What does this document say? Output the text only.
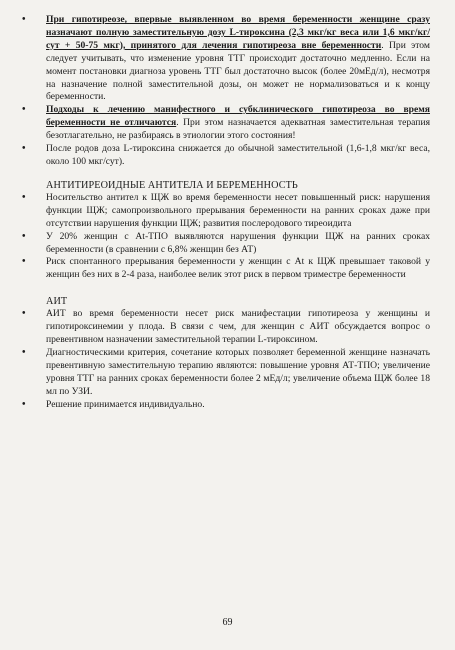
• При гипотиреозе, впервые выявленном во время беременности женщине сразу назначают полную заместительную дозу L-тироксина (2,3 мкг/кг веса или 1,6 мкг/кг/сут + 50-75 мкг), принятого для лечения гипотиреоза вне беременности. При этом следует учитывать, что изменение уровня ТТГ происходит достаточно медленно. Если на момент постановки диагноза уровень ТТГ был достаточно высок (более 20мЕд/л), несмотря на назначение полной заместительной дозы, он может не нормализоваться и к концу беременности.
• Подходы к лечению манифестного и субклинического гипотиреоза во время беременности не отличаются. При этом назначается адекватная заместительная терапия безотлагательно, не разбираясь в этиологии этого состояния!
• После родов доза L-тироксина снижается до обычной заместительной (1,6-1,8 мкг/кг веса, около 100 мкг/сут).
АНТИТИРЕОИДНЫЕ АНТИТЕЛА И БЕРЕМЕННОСТЬ
• Носительство антител к ЩЖ во время беременности несет повышенный риск: нарушения функции ЩЖ; самопроизвольного прерывания беременности на ранних сроках даже при отсутствии нарушения функции ЩЖ; развития послеродового тиреоидита
• У 20% женщин с At-ТПО выявляются нарушения функции ЩЖ на ранних сроках беременности (в сравнении с 6,8% женщин без АТ)
• Риск спонтанного прерывания беременности у женщин с At к ЩЖ превышает таковой у женщин без них в 2-4 раза, наиболее велик этот риск в первом триместре беременности
АИТ
• АИТ во время беременности несет риск манифестации гипотиреоза у женщины и гипотироксинемии у плода. В связи с чем, для женщин с АИТ обсуждается вопрос о превентивном назначении заместительной терапии L-тироксином.
• Диагностическими критерия, сочетание которых позволяет беременной женщине назначать превентивную заместительную терапию являются: повышение уровня АТ-ТПО; увеличение уровня ТТГ на ранних сроках беременности более 2 мЕд/л; увеличение объема ЩЖ более 18 мл по УЗИ.
• Решение принимается индивидуально.
69
